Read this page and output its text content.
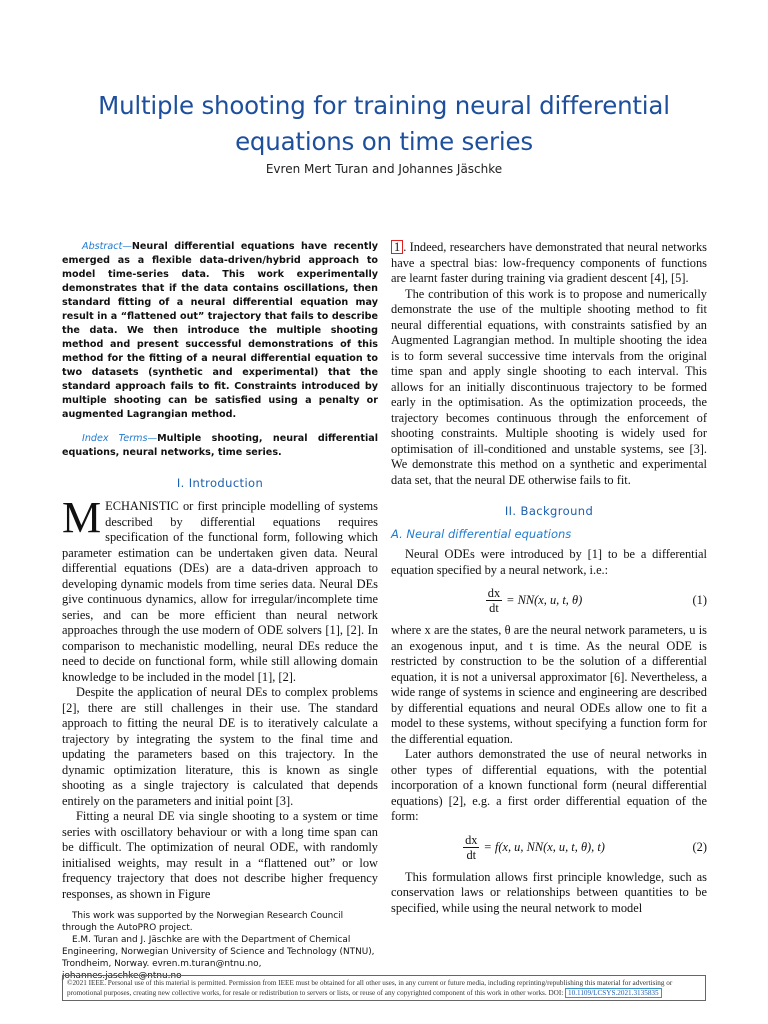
Multiple shooting for training neural differential
equations on time series
Evren Mert Turan and Johannes Jäschke

Abstract—Neural differential equations have recently emerged as a flexible data-driven/hybrid approach to model time-series data. This work experimentally demonstrates that if the data contains oscillations, then standard fitting of a neural differential equation may result in a “flattened out” trajectory that fails to describe the data. We then introduce the multiple shooting method and present successful demonstrations of this method for the fitting of a neural differential equation to two datasets (synthetic and experimental) that the standard approach fails to fit. Constraints introduced by multiple shooting can be satisfied using a penalty or augmented Lagrangian method.

Index Terms—Multiple shooting, neural differential equations, neural networks, time series.

I. Introduction

MECHANISTIC or first principle modelling of systems described by differential equations requires specification of the functional form, following which parameter estimation can be undertaken given data. Neural differential equations (DEs) are a data-driven approach to developing dynamic models from time series data. Neural DEs give continuous dynamics, allow for irregular/incomplete time series, and can be more efficient than neural network approaches through the use modern of ODE solvers [1], [2]. In comparison to mechanistic modelling, neural DEs reduce the need to decide on functional form, while still allowing domain knowledge to be included in the model [1], [2].

Despite the application of neural DEs to complex problems [2], there are still challenges in their use. The standard approach to fitting the neural DE is to iteratively calculate a trajectory by integrating the system to the final time and updating the parameters based on this trajectory. In the dynamic optimization literature, this is known as single shooting as a single trajectory is calculated that depends entirely on the parameters and initial point [3].

Fitting a neural DE via single shooting to a system or time series with oscillatory behaviour or with a long time span can be difficult. The optimization of neural ODE, with randomly initialised weights, may result in a “flattened out” or low frequency trajectory that does not describe higher frequency responses, as shown in Figure

1 . Indeed, researchers have demonstrated that neural networks have a spectral bias: low-frequency components of functions are learnt faster during training via gradient descent [4], [5].

The contribution of this work is to propose and numerically demonstrate the use of the multiple shooting method to fit neural differential equations, with constraints satisfied by an Augmented Lagrangian method. In multiple shooting the idea is to form several successive time intervals from the original time span and apply single shooting to each interval. This allows for an initially discontinuous trajectory to be formed early in the optimisation. As the optimization proceeds, the trajectory becomes continuous through the enforcement of shooting constraints. Multiple shooting is widely used for optimisation of ill-conditioned and unstable systems, see [3]. We demonstrate this method on a synthetic and experimental data set, that the neural DE otherwise fails to fit.

II. Background
A. Neural differential equations

Neural ODEs were introduced by [1] to be a differential equation specified by a neural network, i.e.:

$\frac{dx}{dt} = NN(x$, u, t, θ)	(1)

where x are the states, θ are the neural network parameters, u is an exogenous input, and t is time. As the neural ODE is restricted by construction to be the solution of a differential equation, it is not a universal approximator [6]. Nevertheless, a wide range of systems in science and engineering are described by differential equations and neural ODEs allow one to fit a model to these systems, without specifying a function form for the differential equation.

Later authors demonstrated the use of neural networks in other types of differential equations, with the potential incorporation of a known functional form (neural differential equations) [2], e.g. a first order differential equation of the form:

$\frac{dx}{dt} = f(x$, u, NN(x, u, t, θ), t)	(2)

This formulation allows first principle knowledge, such as conservation laws or relationships between quantities to be specified, while using the neural network to model

This work was supported by the Norwegian Research Council through the AutoPRO project.
E.M. Turan and J. Jäschke are with the Department of Chemical Engineering, Norwegian University of Science and Technology (NTNU), Trondheim, Norway. evren.m.turan@ntnu.no, johannes.jaschke@ntnu.no
©2021 IEEE. Personal use of this material is permitted. Permission from IEEE must be obtained for all other uses, in any current or future media, including reprinting/republishing this material for advertising or promotional purposes, creating new collective works, for resale or redistribution to servers or lists, or reuse of any copyrighted component of this work in other works. DOI: 10.1109/LCSYS.2021.3135835
